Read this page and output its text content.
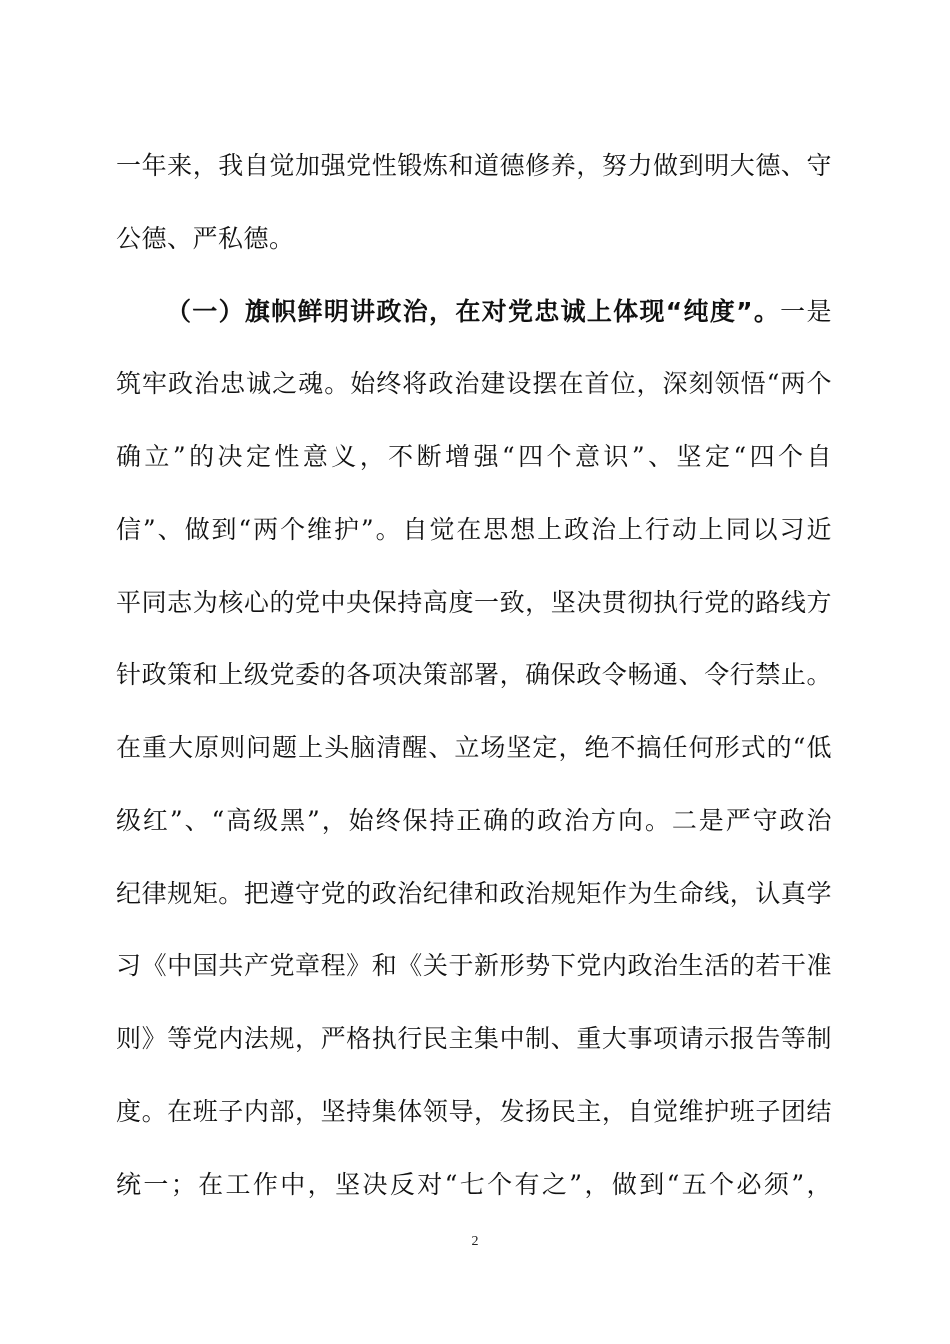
一年来，我自觉加强党性锻炼和道德修养，努力做到明大德、守
公德、严私德。
（一）旗帜鲜明讲政治，在对党忠诚上体现“纯度”。一是
筑牢政治忠诚之魂。始终将政治建设摆在首位，深刻领悟“两个
确立”的决定性意义，不断增强“四个意识”、坚定“四个自
信”、做到“两个维护”。自觉在思想上政治上行动上同以习近
平同志为核心的党中央保持高度一致，坚决贯彻执行党的路线方
针政策和上级党委的各项决策部署，确保政令畅通、令行禁止。
在重大原则问题上头脑清醒、立场坚定，绝不搞任何形式的“低
级红”、“高级黑”，始终保持正确的政治方向。二是严守政治
纪律规矩。把遵守党的政治纪律和政治规矩作为生命线，认真学
习《中国共产党章程》和《关于新形势下党内政治生活的若干准
则》等党内法规，严格执行民主集中制、重大事项请示报告等制
度。在班子内部，坚持集体领导，发扬民主，自觉维护班子团结
统一；在工作中，坚决反对“七个有之”，做到“五个必须”，
2
